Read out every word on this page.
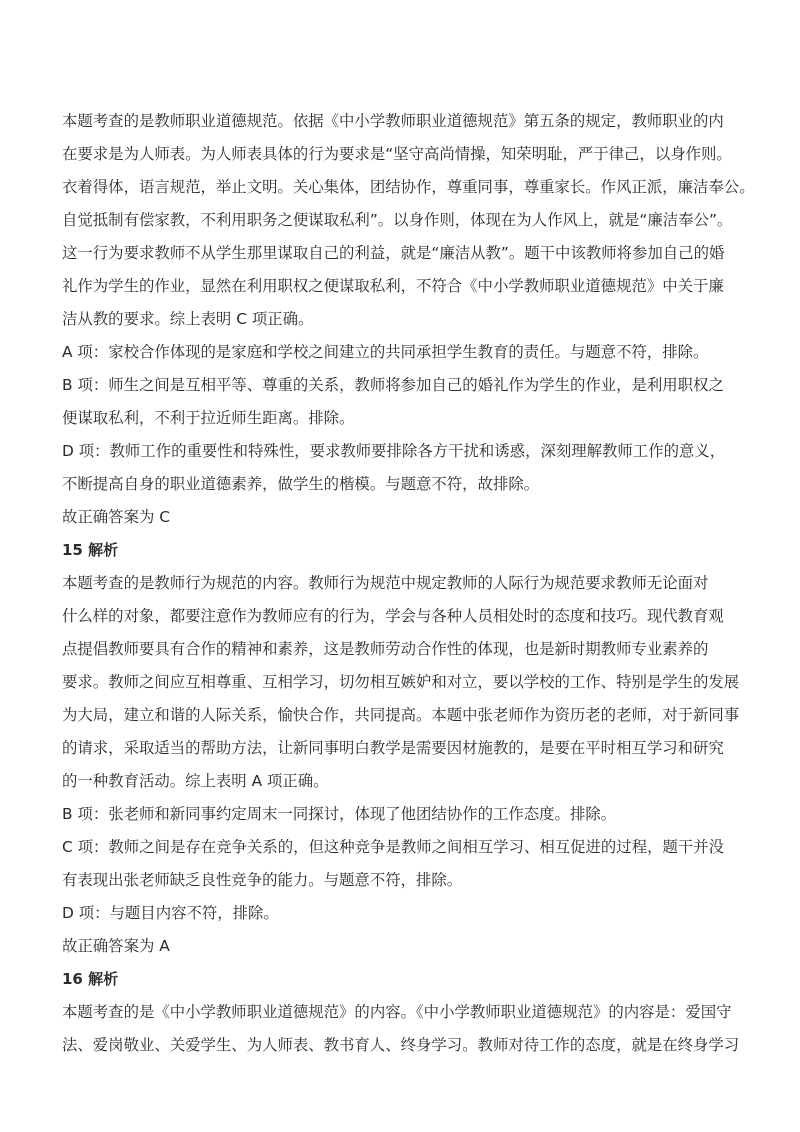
本题考查的是教师职业道德规范。依据《中小学教师职业道德规范》第五条的规定，教师职业的内
在要求是为人师表。为人师表具体的行为要求是“坚守高尚情操，知荣明耻，严于律己，以身作则。
衣着得体，语言规范，举止文明。关心集体，团结协作，尊重同事，尊重家长。作风正派，廉洁奉公。
自觉抵制有偿家教，不利用职务之便谋取私利”。以身作则，体现在为人作风上，就是“廉洁奉公”。
这一行为要求教师不从学生那里谋取自己的利益，就是“廉洁从教”。题干中该教师将参加自己的婚
礼作为学生的作业，显然在利用职权之便谋取私利，不符合《中小学教师职业道德规范》中关于廉
洁从教的要求。综上表明 C 项正确。
A 项：家校合作体现的是家庭和学校之间建立的共同承担学生教育的责任。与题意不符，排除。
B 项：师生之间是互相平等、尊重的关系，教师将参加自己的婚礼作为学生的作业，是利用职权之
便谋取私利，不利于拉近师生距离。排除。
D 项：教师工作的重要性和特殊性，要求教师要排除各方干扰和诱惑，深刻理解教师工作的意义，
不断提高自身的职业道德素养，做学生的楷模。与题意不符，故排除。
故正确答案为 C
15 解析
本题考查的是教师行为规范的内容。教师行为规范中规定教师的人际行为规范要求教师无论面对
什么样的对象，都要注意作为教师应有的行为，学会与各种人员相处时的态度和技巧。现代教育观
点提倡教师要具有合作的精神和素养，这是教师劳动合作性的体现，也是新时期教师专业素养的
要求。教师之间应互相尊重、互相学习，切勿相互嫉妒和对立，要以学校的工作、特别是学生的发展
为大局，建立和谐的人际关系，愉快合作，共同提高。本题中张老师作为资历老的老师，对于新同事
的请求，采取适当的帮助方法，让新同事明白教学是需要因材施教的，是要在平时相互学习和研究
的一种教育活动。综上表明 A 项正确。
B 项：张老师和新同事约定周末一同探讨，体现了他团结协作的工作态度。排除。
C 项：教师之间是存在竞争关系的，但这种竞争是教师之间相互学习、相互促进的过程，题干并没
有表现出张老师缺乏良性竞争的能力。与题意不符，排除。
D 项：与题目内容不符，排除。
故正确答案为 A
16 解析
本题考查的是《中小学教师职业道德规范》的内容。《中小学教师职业道德规范》的内容是：爱国守
法、爱岗敬业、关爱学生、为人师表、教书育人、终身学习。教师对待工作的态度，就是在终身学习
